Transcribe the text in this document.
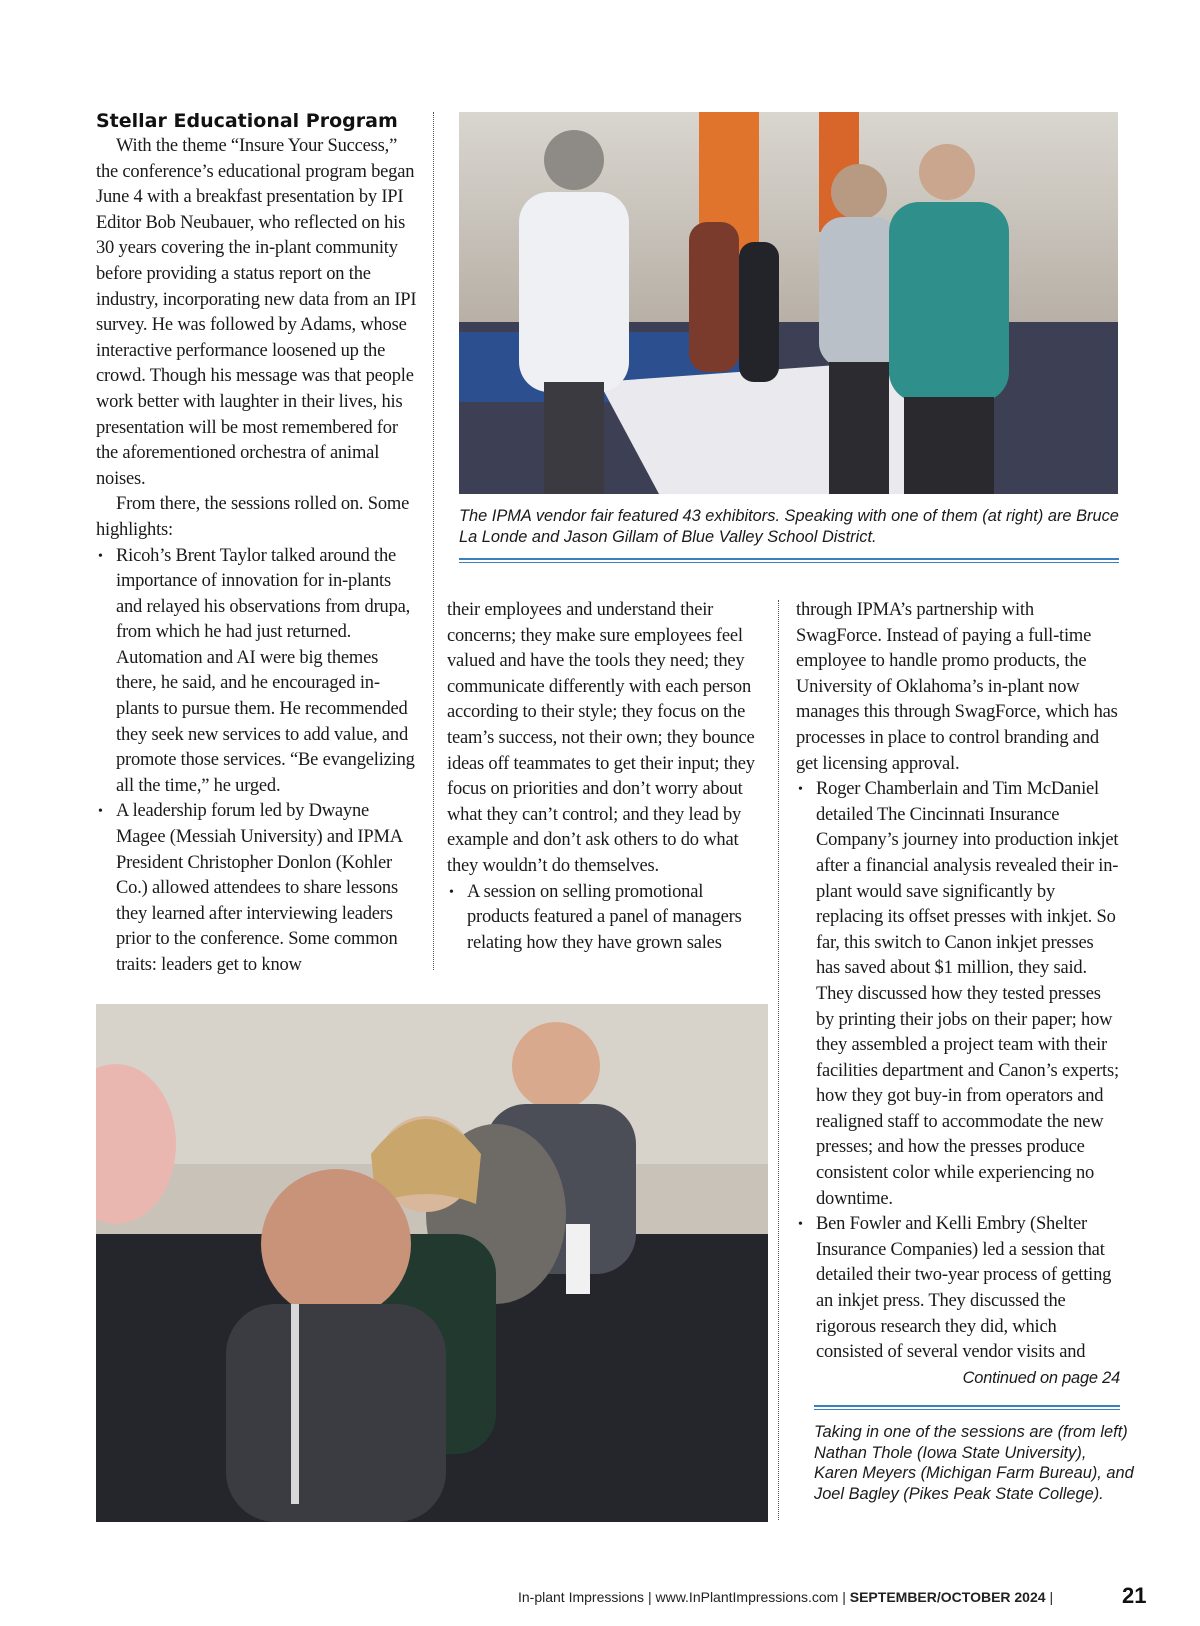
Stellar Educational Program

With the theme “Insure Your Success,” the conference’s educational program began June 4 with a breakfast presentation by IPI Editor Bob Neubauer, who reflected on his 30 years covering the in-plant community before providing a status report on the industry, incorporating new data from an IPI survey. He was followed by Adams, whose interactive performance loosened up the crowd. Though his message was that people work better with laughter in their lives, his presentation will be most remembered for the aforementioned orchestra of animal noises.

From there, the sessions rolled on. Some highlights:

• Ricoh’s Brent Taylor talked around the importance of innovation for in-plants and relayed his observations from drupa, from which he had just returned. Automation and AI were big themes there, he said, and he encouraged in-plants to pursue them. He recommended they seek new services to add value, and promote those services. “Be evangelizing all the time,” he urged.
• A leadership forum led by Dwayne Magee (Messiah University) and IPMA President Christopher Donlon (Kohler Co.) allowed attendees to share lessons they learned after interviewing leaders prior to the conference. Some common traits: leaders get to know

The IPMA vendor fair featured 43 exhibitors. Speaking with one of them (at right) are Bruce La Londe and Jason Gillam of Blue Valley School District.

their employees and understand their concerns; they make sure employees feel valued and have the tools they need; they communicate differently with each person according to their style; they focus on the team’s success, not their own; they bounce ideas off teammates to get their input; they focus on priorities and don’t worry about what they can’t control; and they lead by example and don’t ask others to do what they wouldn’t do themselves.

• A session on selling promotional products featured a panel of managers relating how they have grown sales

through IPMA’s partnership with SwagForce. Instead of paying a full-time employee to handle promo products, the University of Oklahoma’s in-plant now manages this through SwagForce, which has processes in place to control branding and get licensing approval.

• Roger Chamberlain and Tim McDaniel detailed The Cincinnati Insurance Company’s journey into production inkjet after a financial analysis revealed their in-plant would save significantly by replacing its offset presses with inkjet. So far, this switch to Canon inkjet presses has saved about $1 million, they said. They discussed how they tested presses by printing their jobs on their paper; how they assembled a project team with their facilities department and Canon’s experts; how they got buy-in from operators and realigned staff to accommodate the new presses; and how the presses produce consistent color while experiencing no downtime.
• Ben Fowler and Kelli Embry (Shelter Insurance Companies) led a session that detailed their two-year process of getting an inkjet press. They discussed the rigorous research they did, which consisted of several vendor visits and
Continued on page 24

Taking in one of the sessions are (from left) Nathan Thole (Iowa State University), Karen Meyers (Michigan Farm Bureau), and Joel Bagley (Pikes Peak State College).

In-plant Impressions | www.InPlantImpressions.com | SEPTEMBER/OCTOBER 2024 |	21
